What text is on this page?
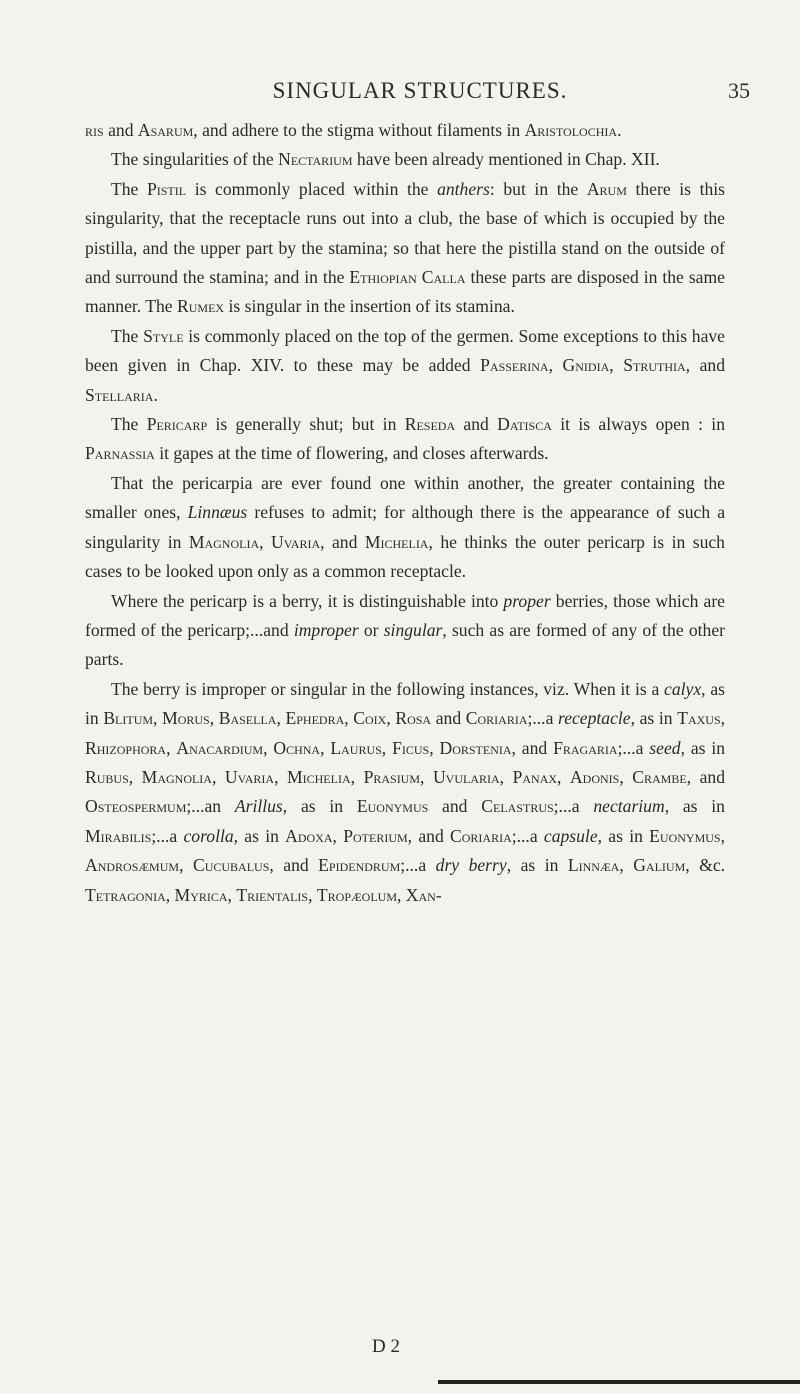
SINGULAR STRUCTURES.	35

ris and Asarum, and adhere to the stigma without filaments in Aristolochia.

The singularities of the Nectarium have been already mentioned in Chap. XII.

The Pistil is commonly placed within the anthers: but in the Arum there is this singularity, that the receptacle runs out into a club, the base of which is occupied by the pistilla, and the upper part by the stamina; so that here the pistilla stand on the outside of and surround the stamina; and in the Ethiopian Calla these parts are disposed in the same manner. The Rumex is singular in the insertion of its stamina.

The Style is commonly placed on the top of the germen. Some exceptions to this have been given in Chap. XIV. to these may be added Passerina, Gnidia, Struthia, and Stellaria.

The Pericarp is generally shut; but in Reseda and Datisca it is always open : in Parnassia it gapes at the time of flowering, and closes afterwards.

That the pericarpia are ever found one within another, the greater containing the smaller ones, Linnæus refuses to admit; for although there is the appearance of such a singularity in Magnolia, Uvaria, and Michelia, he thinks the outer pericarp is in such cases to be looked upon only as a common receptacle.

Where the pericarp is a berry, it is distinguishable into proper berries, those which are formed of the pericarp;...and improper or singular, such as are formed of any of the other parts.

The berry is improper or singular in the following instances, viz. When it is a calyx, as in Blitum, Morus, Basella, Ephedra, Coix, Rosa and Coriaria;...a receptacle, as in Taxus, Rhizophora, Anacardium, Ochna, Laurus, Ficus, Dorstenia, and Fragaria;...a seed, as in Rubus, Magnolia, Uvaria, Michelia, Prasium, Uvularia, Panax, Adonis, Crambe, and Osteospermum;...an Arillus, as in Euonymus and Celastrus;...a nectarium, as in Mirabilis;...a corolla, as in Adoxa, Poterium, and Coriaria;...a capsule, as in Euonymus, Androsæmum, Cucubalus, and Epidendrum;...a dry berry, as in Linnæa, Galium, &c. Tetragonia, Myrica, Trientalis, Tropæolum, Xan-

D 2
